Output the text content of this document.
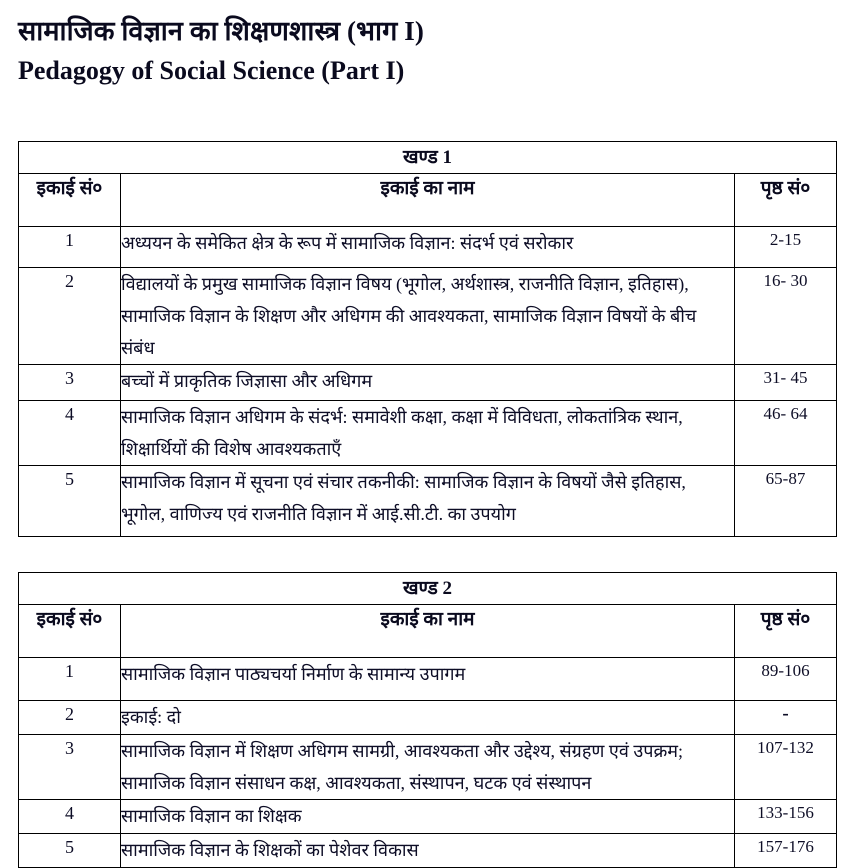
सामाजिक विज्ञान का शिक्षणशास्त्र (भाग I)
Pedagogy of Social Science (Part I)
खण्ड 1		
इकाई सं०	इकाई का नाम	पृष्ठ सं०
1	अध्ययन के समेकित क्षेत्र के रूप में सामाजिक विज्ञान: संदर्भ एवं सरोकार	2-15
2	विद्यालयों के प्रमुख सामाजिक विज्ञान विषय (भूगोल, अर्थशास्त्र, राजनीति विज्ञान, इतिहास), सामाजिक विज्ञान के शिक्षण और अधिगम की आवश्यकता, सामाजिक विज्ञान विषयों के बीच संबंध	16- 30
3	बच्चों में प्राकृतिक जिज्ञासा और अधिगम	31- 45
4	सामाजिक विज्ञान अधिगम के संदर्भ: समावेशी कक्षा, कक्षा में विविधता, लोकतांत्रिक स्थान, शिक्षार्थियों की विशेष आवश्यकताएँ	46- 64
5	सामाजिक विज्ञान में सूचना एवं संचार तकनीकी: सामाजिक विज्ञान के विषयों जैसे इतिहास, भूगोल, वाणिज्य एवं राजनीति विज्ञान में आई.सी.टी. का उपयोग	65-87
खण्ड 2		
इकाई सं०	इकाई का नाम	पृष्ठ सं०
1	सामाजिक विज्ञान पाठ्यचर्या निर्माण के सामान्य उपागम	89-106
2	इकाई: दो	-
3	सामाजिक विज्ञान में शिक्षण अधिगम सामग्री, आवश्यकता और उद्देश्य, संग्रहण एवं उपक्रम; सामाजिक विज्ञान संसाधन कक्ष, आवश्यकता, संस्थापन, घटक एवं संस्थापन	107-132
4	सामाजिक विज्ञान का शिक्षक	133-156
5	सामाजिक विज्ञान के शिक्षकों का पेशेवर विकास	157-176
